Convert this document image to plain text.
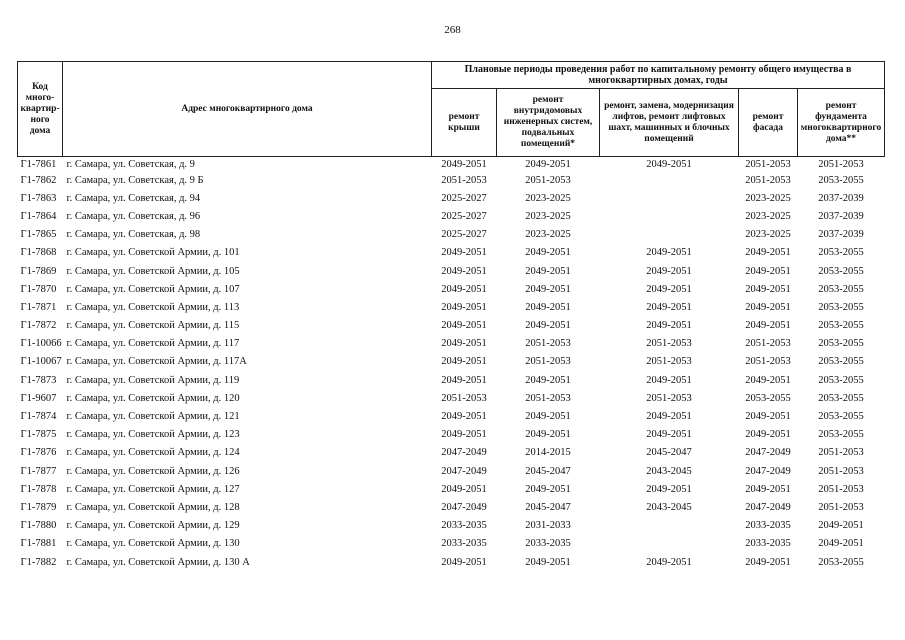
268
Код много-квартир-ного дома	Адрес многоквартирного дома	Плановые периоды проведения работ по капитальному ремонту общего имущества в многоквартирных домах, годы				
		ремонт крыши	ремонт внутридомовых инженерных систем, подвальных помещений*	ремонт, замена, модернизация лифтов, ремонт лифтовых шахт, машинных и блочных помещений	ремонт фасада	ремонт фундамента многоквартирного дома**
Г1-7861	г. Самара, ул. Советская, д. 9	2049-2051	2049-2051	2049-2051	2051-2053	2051-2053
Г1-7862	г. Самара, ул. Советская, д. 9 Б	2051-2053	2051-2053		2051-2053	2053-2055
Г1-7863	г. Самара, ул. Советская, д. 94	2025-2027	2023-2025		2023-2025	2037-2039
Г1-7864	г. Самара, ул. Советская, д. 96	2025-2027	2023-2025		2023-2025	2037-2039
Г1-7865	г. Самара, ул. Советская, д. 98	2025-2027	2023-2025		2023-2025	2037-2039
Г1-7868	г. Самара, ул. Советской Армии, д. 101	2049-2051	2049-2051	2049-2051	2049-2051	2053-2055
Г1-7869	г. Самара, ул. Советской Армии, д. 105	2049-2051	2049-2051	2049-2051	2049-2051	2053-2055
Г1-7870	г. Самара, ул. Советской Армии, д. 107	2049-2051	2049-2051	2049-2051	2049-2051	2053-2055
Г1-7871	г. Самара, ул. Советской Армии, д. 113	2049-2051	2049-2051	2049-2051	2049-2051	2053-2055
Г1-7872	г. Самара, ул. Советской Армии, д. 115	2049-2051	2049-2051	2049-2051	2049-2051	2053-2055
Г1-10066	г. Самара, ул. Советской Армии, д. 117	2049-2051	2051-2053	2051-2053	2051-2053	2053-2055
Г1-10067	г. Самара, ул. Советской Армии, д. 117А	2049-2051	2051-2053	2051-2053	2051-2053	2053-2055
Г1-7873	г. Самара, ул. Советской Армии, д. 119	2049-2051	2049-2051	2049-2051	2049-2051	2053-2055
Г1-9607	г. Самара, ул. Советской Армии, д. 120	2051-2053	2051-2053	2051-2053	2053-2055	2053-2055
Г1-7874	г. Самара, ул. Советской Армии, д. 121	2049-2051	2049-2051	2049-2051	2049-2051	2053-2055
Г1-7875	г. Самара, ул. Советской Армии, д. 123	2049-2051	2049-2051	2049-2051	2049-2051	2053-2055
Г1-7876	г. Самара, ул. Советской Армии, д. 124	2047-2049	2014-2015	2045-2047	2047-2049	2051-2053
Г1-7877	г. Самара, ул. Советской Армии, д. 126	2047-2049	2045-2047	2043-2045	2047-2049	2051-2053
Г1-7878	г. Самара, ул. Советской Армии, д. 127	2049-2051	2049-2051	2049-2051	2049-2051	2051-2053
Г1-7879	г. Самара, ул. Советской Армии, д. 128	2047-2049	2045-2047	2043-2045	2047-2049	2051-2053
Г1-7880	г. Самара, ул. Советской Армии, д. 129	2033-2035	2031-2033		2033-2035	2049-2051
Г1-7881	г. Самара, ул. Советской Армии, д. 130	2033-2035	2033-2035		2033-2035	2049-2051
Г1-7882	г. Самара, ул. Советской Армии, д. 130 А	2049-2051	2049-2051	2049-2051	2049-2051	2053-2055
